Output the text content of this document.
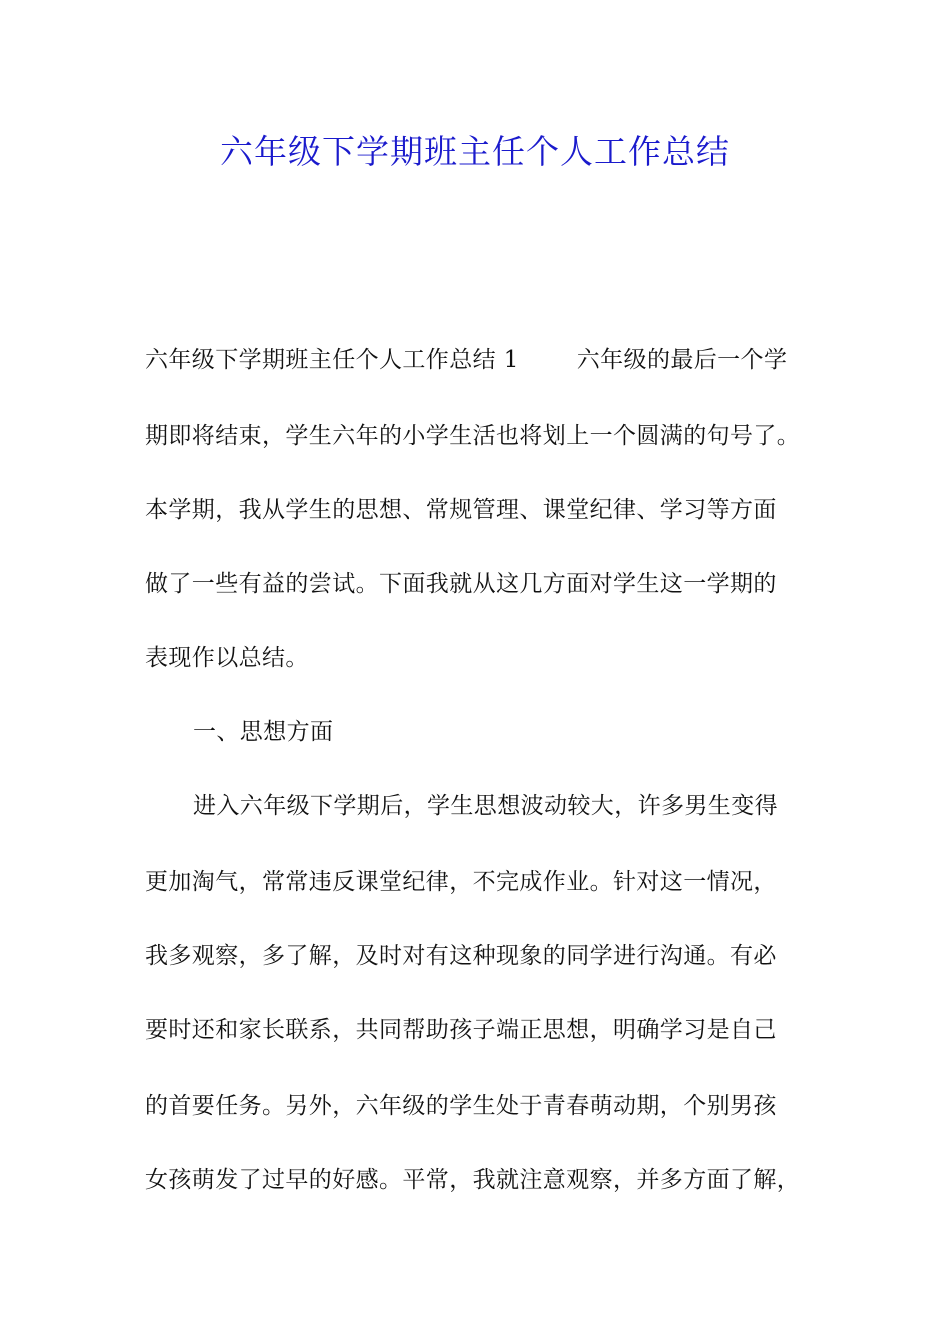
六年级下学期班主任个人工作总结
六年级下学期班主任个人工作总结 1	六年级的最后一个学
期即将结束，学生六年的小学生活也将划上一个圆满的句号了。
本学期，我从学生的思想、常规管理、课堂纪律、学习等方面
做了一些有益的尝试。下面我就从这几方面对学生这一学期的
表现作以总结。
一、思想方面
进入六年级下学期后，学生思想波动较大，许多男生变得
更加淘气，常常违反课堂纪律，不完成作业。针对这一情况，
我多观察，多了解，及时对有这种现象的同学进行沟通。有必
要时还和家长联系，共同帮助孩子端正思想，明确学习是自己
的首要任务。另外，六年级的学生处于青春萌动期，个别男孩
女孩萌发了过早的好感。平常，我就注意观察，并多方面了解，
